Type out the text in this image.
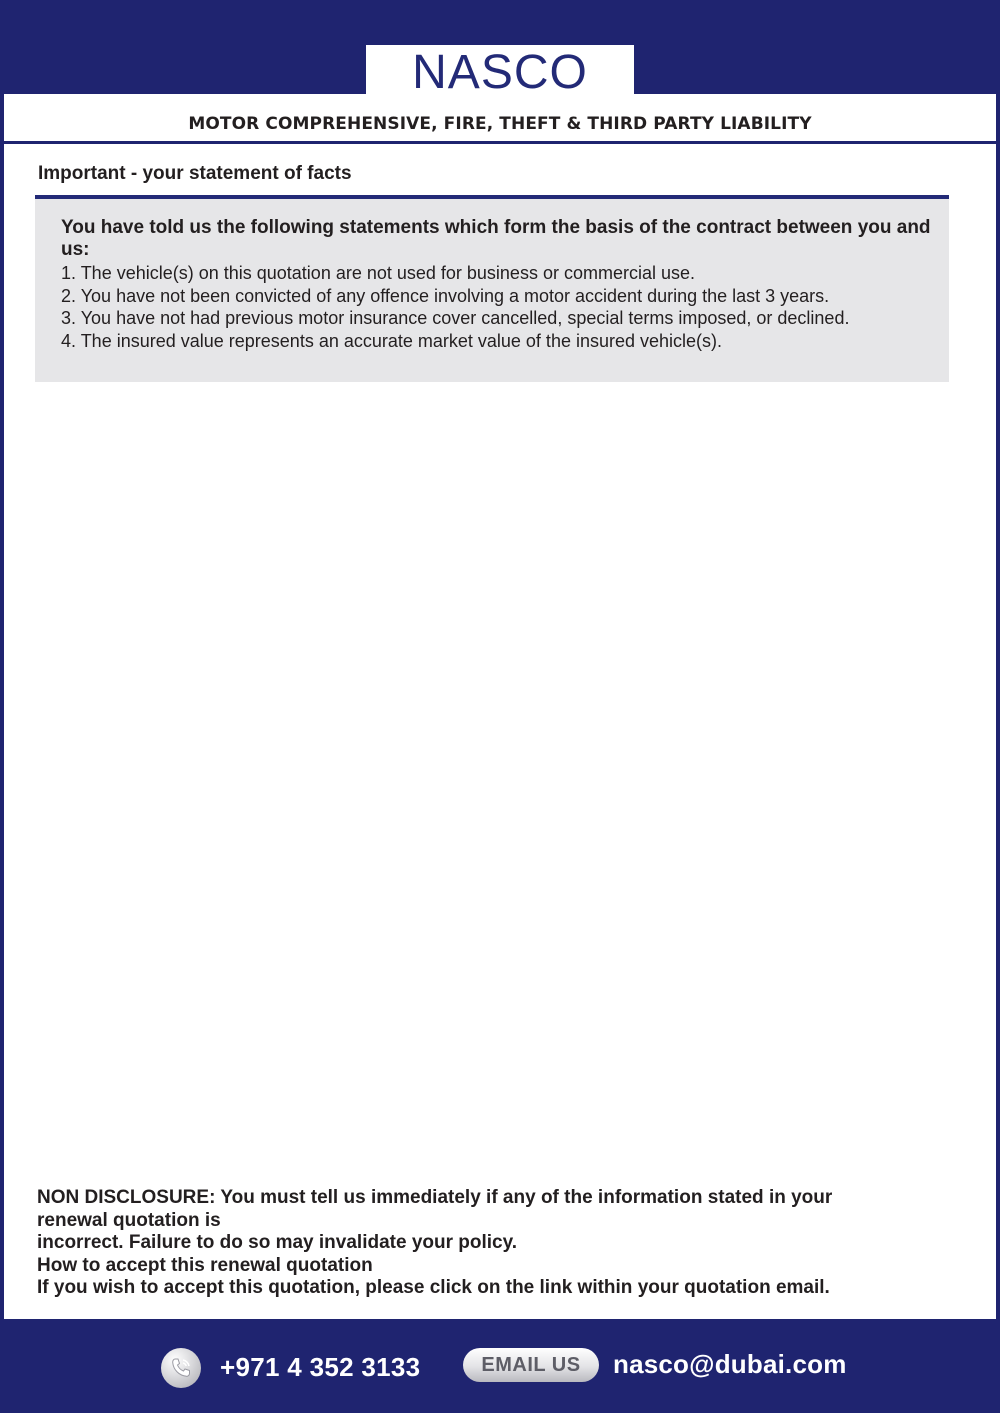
NASCO
MOTOR COMPREHENSIVE, FIRE, THEFT & THIRD PARTY LIABILITY
Important - your statement of facts
You have told us the following statements which form the basis of the contract between you and us:
1. The vehicle(s) on this quotation are not used for business or commercial use.
2. You have not been convicted of any offence involving a motor accident during the last 3 years.
3. You have not had previous motor insurance cover cancelled, special terms imposed, or declined.
4. The insured value represents an accurate market value of the insured vehicle(s).
NON DISCLOSURE: You must tell us immediately if any of the information stated in your
renewal quotation is
incorrect. Failure to do so may invalidate your policy.
How to accept this renewal quotation
If you wish to accept this quotation, please click on the link within your quotation email.
+971 4 352 3133	EMAIL US	nasco@dubai.com
